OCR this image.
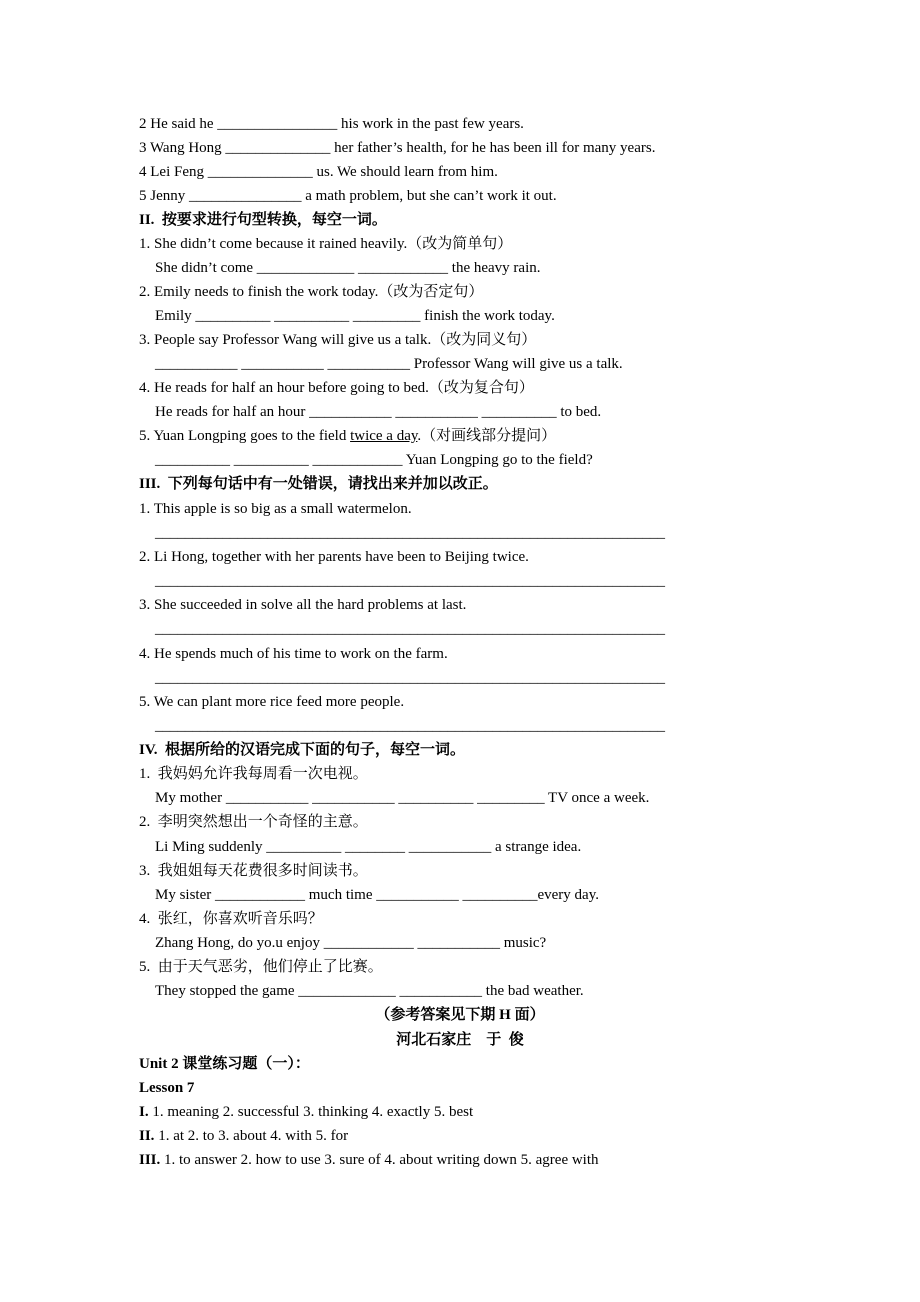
2 He said he ________________ his work in the past few years.

3 Wang Hong ______________ her father’s health, for he has been ill for many years.

4 Lei Feng ______________ us. We should learn from him.

5 Jenny _______________ a math problem, but she can’t work it out.

II.  按要求进行句型转换，每空一词。

1. She didn’t come because it rained heavily.（改为简单句）

She didn’t come _____________ ____________ the heavy rain.

2. Emily needs to finish the work today.（改为否定句）

Emily __________ __________ _________ finish the work today.

3. People say Professor Wang will give us a talk.（改为同义句）

___________ ___________ ___________ Professor Wang will give us a talk.

4. He reads for half an hour before going to bed.（改为复合句）

He reads for half an hour ___________ ___________ __________ to bed.

5. Yuan Longping goes to the field twice a day.（对画线部分提问）

__________ __________ ____________ Yuan Longping go to the field?

III.  下列每句话中有一处错误，请找出来并加以改正。

1. This apple is so big as a small watermelon.

____________________________________________________________________

2. Li Hong, together with her parents have been to Beijing twice.

____________________________________________________________________

3. She succeeded in solve all the hard problems at last.

____________________________________________________________________

4. He spends much of his time to work on the farm.

____________________________________________________________________

5. We can plant more rice feed more people.

____________________________________________________________________

IV.  根据所给的汉语完成下面的句子，每空一词。

1.  我妈妈允许我每周看一次电视。

My mother ___________ ___________ __________ _________ TV once a week.

2.  李明突然想出一个奇怪的主意。

Li Ming suddenly __________ ________ ___________ a strange idea.

3.  我姐姐每天花费很多时间读书。

My sister ____________ much time ___________ __________every day.

4.  张红，你喜欢听音乐吗？

Zhang Hong, do yo.u enjoy ____________ ___________ music?

5.  由于天气恶劣，他们停止了比赛。

They stopped the game _____________ ___________ the bad weather.

（参考答案见下期 H 面）

河北石家庄    于  俊

Unit 2 课堂练习题（一）：

Lesson 7

I. 1. meaning 2. successful 3. thinking 4. exactly 5. best

II. 1. at 2. to 3. about 4. with 5. for

III. 1. to answer 2. how to use 3. sure of 4. about writing down 5. agree with
